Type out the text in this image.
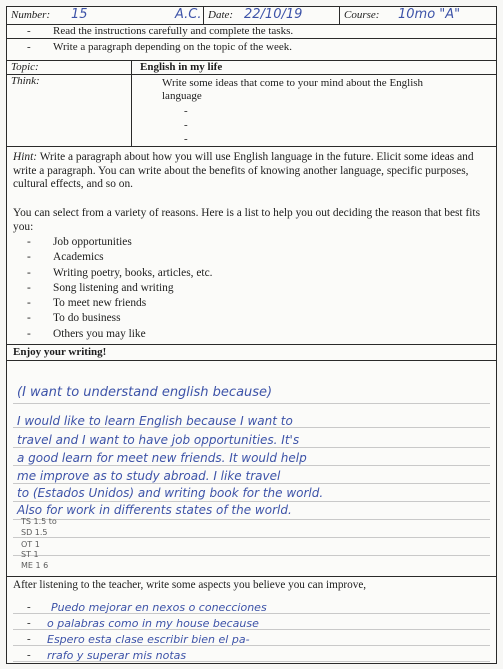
Number: 15	A.C. Date: 22/10/19	Course: 10mo "A"
- Read the instructions carefully and complete the tasks.
- Write a paragraph depending on the topic of the week.
Topic:	English in my life
Think:	Write some ideas that come to your mind about the English language
-
-
-
Hint: Write a paragraph about how you will use English language in the future. Elicit some ideas and write a paragraph. You can write about the benefits of knowing another language, specific purposes, cultural effects, and so on.
You can select from a variety of reasons. Here is a list to help you out deciding the reason that best fits you:
- Job opportunities
- Academics
- Writing poetry, books, articles, etc.
- Song listening and writing
- To meet new friends
- To do business
- Others you may like
Enjoy your writing!
(I want to understand english because)
I would like to learn English because I want to
travel and I want to have job opportunities. It's
a good learn for meet new friends. It would help
me improve as to study abroad. I like travel
to (Estados Unidos) and writing book for the world.
Also for work in differents states of the world.
TS 1.5 to
SD 1.5
OT 1
ST 1
ME 1 6
After listening to the teacher, write some aspects you believe you can improve,
-
-
-
-
Puedo mejorar en nexos o conecciones
o palabras como in my house because
Espero esta clase escribir bien el pa-
rrafo y superar mis notas
